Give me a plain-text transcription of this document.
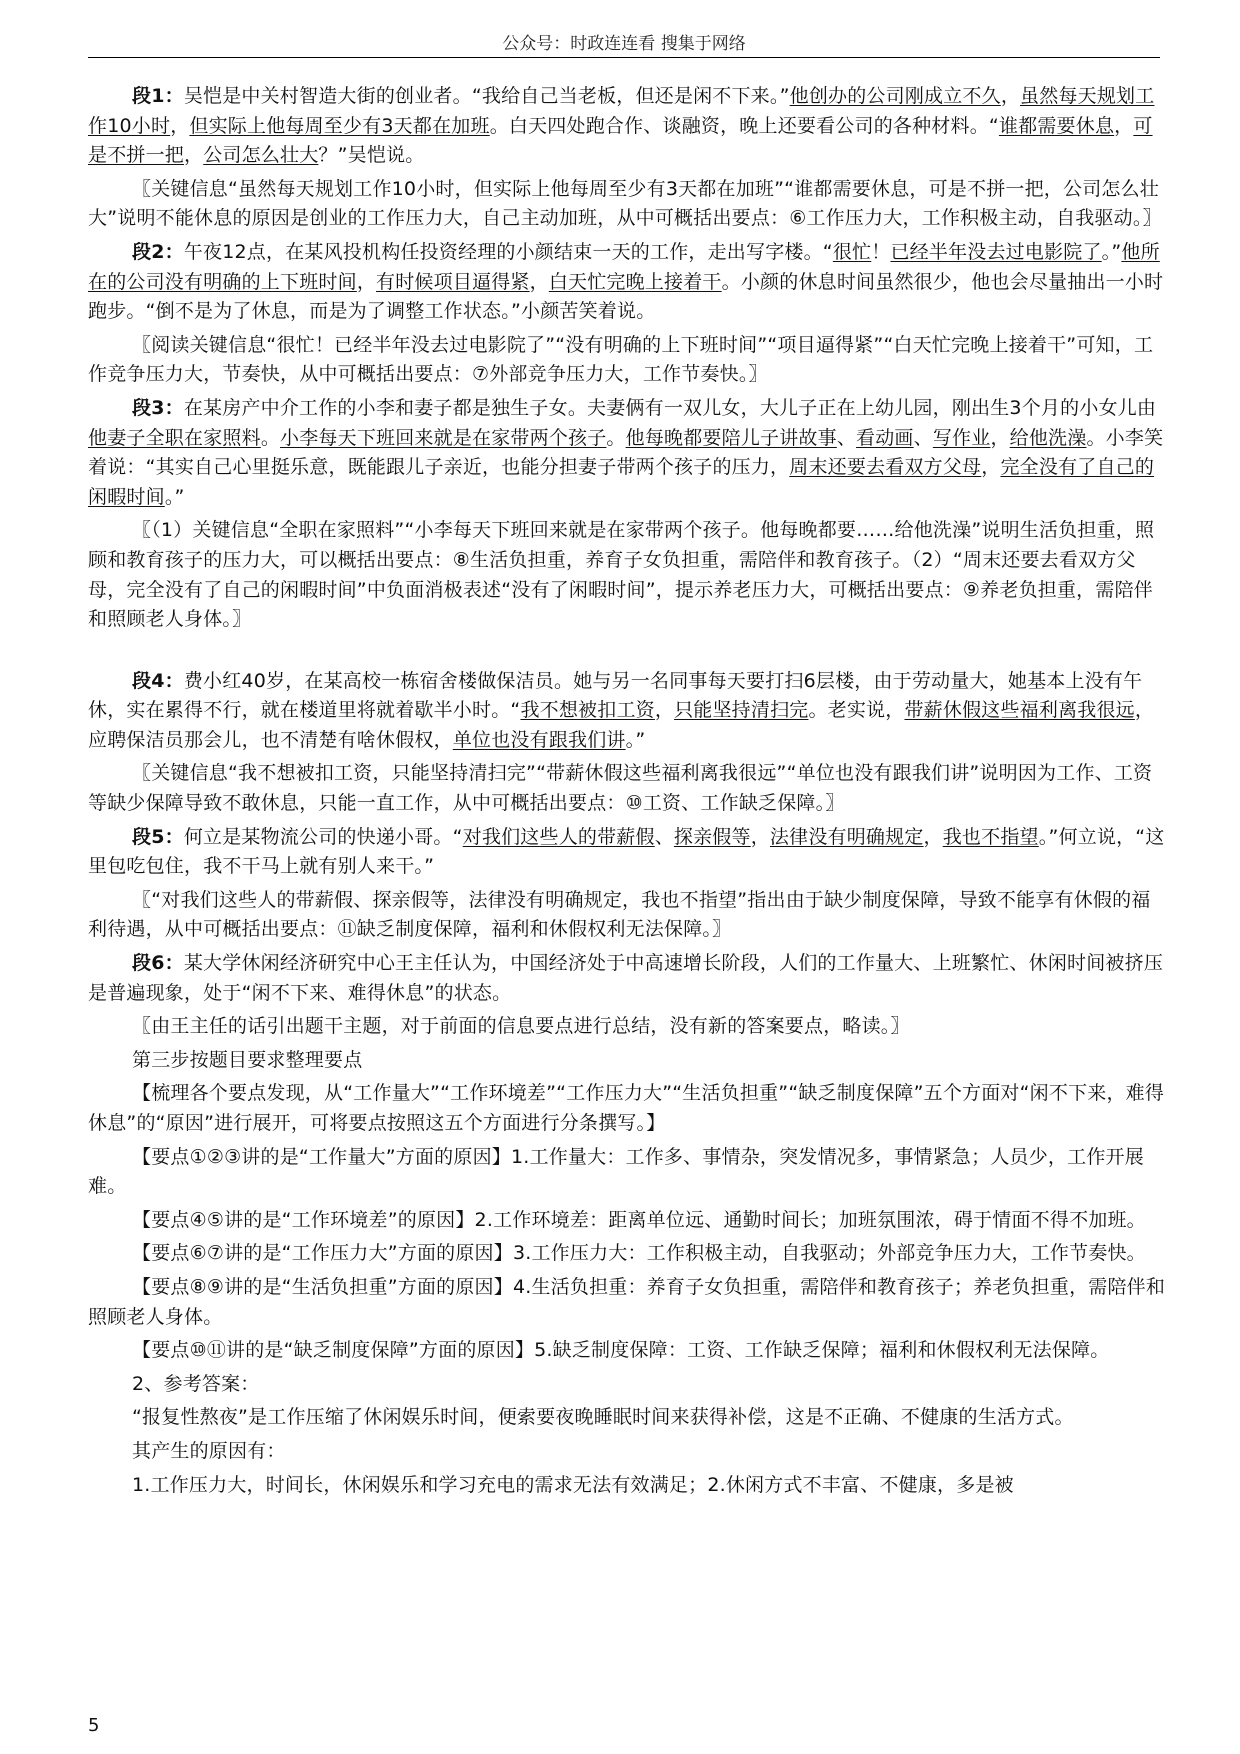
公众号：时政连连看 搜集于网络

段1：吴恺是中关村智造大街的创业者。“我给自己当老板，但还是闲不下来。”他创办的公司刚成立不久，虽然每天规划工作10小时，但实际上他每周至少有3天都在加班。白天四处跑合作、谈融资，晚上还要看公司的各种材料。“谁都需要休息，可是不拼一把，公司怎么壮大？”吴恺说。

〖关键信息“虽然每天规划工作10小时，但实际上他每周至少有3天都在加班”“谁都需要休息，可是不拼一把，公司怎么壮大”说明不能休息的原因是创业的工作压力大，自己主动加班，从中可概括出要点：⑥工作压力大，工作积极主动，自我驱动。〗

段2：午夜12点，在某风投机构任投资经理的小颜结束一天的工作，走出写字楼。“很忙！已经半年没去过电影院了。”他所在的公司没有明确的上下班时间，有时候项目逼得紧，白天忙完晚上接着干。小颜的休息时间虽然很少，他也会尽量抽出一小时跑步。“倒不是为了休息，而是为了调整工作状态。”小颜苦笑着说。

〖阅读关键信息“很忙！已经半年没去过电影院了”“没有明确的上下班时间”“项目逼得紧”“白天忙完晚上接着干”可知，工作竞争压力大，节奏快，从中可概括出要点：⑦外部竞争压力大，工作节奏快。〗

段3：在某房产中介工作的小李和妻子都是独生子女。夫妻俩有一双儿女，大儿子正在上幼儿园，刚出生3个月的小女儿由他妻子全职在家照料。小李每天下班回来就是在家带两个孩子。他每晚都要陪儿子讲故事、看动画、写作业，给他洗澡。小李笑着说：“其实自己心里挺乐意，既能跟儿子亲近，也能分担妻子带两个孩子的压力，周末还要去看双方父母，完全没有了自己的闲暇时间。”

〖（1）关键信息“全职在家照料”“小李每天下班回来就是在家带两个孩子。他每晚都要……给他洗澡”说明生活负担重，照顾和教育孩子的压力大，可以概括出要点：⑧生活负担重，养育子女负担重，需陪伴和教育孩子。（2）“周末还要去看双方父母，完全没有了自己的闲暇时间”中负面消极表述“没有了闲暇时间”，提示养老压力大，可概括出要点：⑨养老负担重，需陪伴和照顾老人身体。〗

段4：费小红40岁，在某高校一栋宿舍楼做保洁员。她与另一名同事每天要打扫6层楼，由于劳动量大，她基本上没有午休，实在累得不行，就在楼道里将就着歇半小时。“我不想被扣工资，只能坚持清扫完。老实说，带薪休假这些福利离我很远，应聘保洁员那会儿，也不清楚有啥休假权，单位也没有跟我们讲。”

〖关键信息“我不想被扣工资，只能坚持清扫完”“带薪休假这些福利离我很远”“单位也没有跟我们讲”说明因为工作、工资等缺少保障导致不敢休息，只能一直工作，从中可概括出要点：⑩工资、工作缺乏保障。〗

段5：何立是某物流公司的快递小哥。“对我们这些人的带薪假、探亲假等，法律没有明确规定，我也不指望。”何立说，“这里包吃包住，我不干马上就有别人来干。”

〖“对我们这些人的带薪假、探亲假等，法律没有明确规定，我也不指望”指出由于缺少制度保障，导致不能享有休假的福利待遇，从中可概括出要点：⑪缺乏制度保障，福利和休假权利无法保障。〗

段6：某大学休闲经济研究中心王主任认为，中国经济处于中高速增长阶段，人们的工作量大、上班繁忙、休闲时间被挤压是普遍现象，处于“闲不下来、难得休息”的状态。

〖由王主任的话引出题干主题，对于前面的信息要点进行总结，没有新的答案要点，略读。〗

第三步按题目要求整理要点

【梳理各个要点发现，从“工作量大”“工作环境差”“工作压力大”“生活负担重”“缺乏制度保障”五个方面对“闲不下来，难得休息”的“原因”进行展开，可将要点按照这五个方面进行分条撰写。】

【要点①②③讲的是“工作量大”方面的原因】1.工作量大：工作多、事情杂，突发情况多，事情紧急；人员少，工作开展难。

【要点④⑤讲的是“工作环境差”的原因】2.工作环境差：距离单位远、通勤时间长；加班氛围浓，碍于情面不得不加班。

【要点⑥⑦讲的是“工作压力大”方面的原因】3.工作压力大：工作积极主动，自我驱动；外部竞争压力大，工作节奏快。

【要点⑧⑨讲的是“生活负担重”方面的原因】4.生活负担重：养育子女负担重，需陪伴和教育孩子；养老负担重，需陪伴和照顾老人身体。

【要点⑩⑪讲的是“缺乏制度保障”方面的原因】5.缺乏制度保障：工资、工作缺乏保障；福利和休假权利无法保障。

2、参考答案：

“报复性熬夜”是工作压缩了休闲娱乐时间，便索要夜晚睡眠时间来获得补偿，这是不正确、不健康的生活方式。

其产生的原因有：

1.工作压力大，时间长，休闲娱乐和学习充电的需求无法有效满足；2.休闲方式不丰富、不健康，多是被

5
